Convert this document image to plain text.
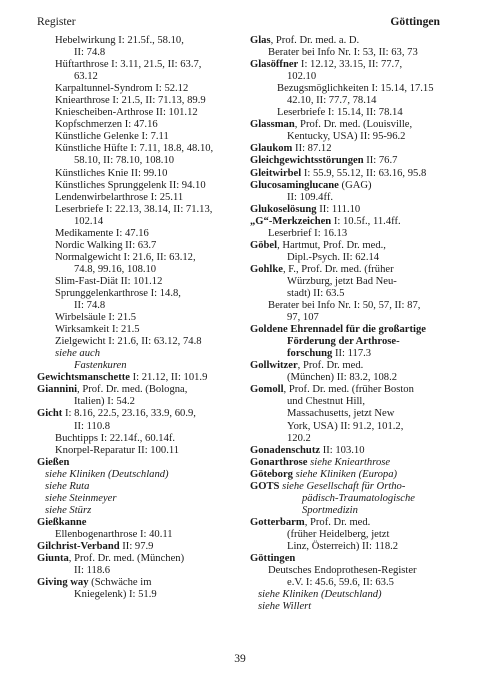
Register	Göttingen
Hebelwirkung I: 21.5f., 58.10,
II: 74.8
Hüftarthrose I: 3.11, 21.5, II: 63.7,
63.12
Karpaltunnel-Syndrom I: 52.12
Kniearthrose I: 21.5, II: 71.13, 89.9
Kniescheiben-Arthrose II: 101.12
Kopfschmerzen I: 47.16
Künstliche Gelenke I: 7.11
Künstliche Hüfte I: 7.11, 18.8, 48.10,
58.10, II: 78.10, 108.10
Künstliches Knie II: 99.10
Künstliches Sprunggelenk II: 94.10
Lendenwirbelarthrose I: 25.11
Leserbriefe I: 22.13, 38.14, II: 71.13,
102.14
Medikamente I: 47.16
Nordic Walking II: 63.7
Normalgewicht I: 21.6, II: 63.12,
74.8, 99.16, 108.10
Slim-Fast-Diät II: 101.12
Sprunggelenkarthrose I: 14.8,
II: 74.8
Wirbelsäule I: 21.5
Wirksamkeit I: 21.5
Zielgewicht I: 21.6, II: 63.12, 74.8
siehe auch
Fastenkuren
Gewichtsmanschette I: 21.12, II: 101.9
Giannini, Prof. Dr. med. (Bologna,
Italien) I: 54.2
Gicht I: 8.16, 22.5, 23.16, 33.9, 60.9,
II: 110.8
Buchtipps I: 22.14f., 60.14f.
Knorpel-Reparatur II: 100.11
Gießen
siehe Kliniken (Deutschland)
siehe Ruta
siehe Steinmeyer
siehe Stürz
Gießkanne
Ellenbogenarthrose I: 40.11
Gilchrist-Verband II: 97.9
Giunta, Prof. Dr. med. (München)
II: 118.6
Giving way (Schwäche im
Kniegelenk) I: 51.9
Glas, Prof. Dr. med. a. D.
Berater bei Info Nr. I: 53, II: 63, 73
Glasöffner I: 12.12, 33.15, II: 77.7,
102.10
Bezugsmöglichkeiten I: 15.14, 17.15
42.10, II: 77.7, 78.14
Leserbriefe I: 15.14, II: 78.14
Glassman, Prof. Dr. med. (Louisville,
Kentucky, USA) II: 95-96.2
Glaukom II: 87.12
Gleichgewichtsstörungen II: 76.7
Gleitwirbel I: 55.9, 55.12, II: 63.16, 95.8
Glucosaminglucane (GAG)
II: 109.4ff.
Glukoselösung II: 111.10
„G“-Merkzeichen I: 10.5f., 11.4ff.
Leserbrief I: 16.13
Göbel, Hartmut, Prof. Dr. med.,
Dipl.-Psych. II: 62.14
Gohlke, F., Prof. Dr. med. (früher
Würzburg, jetzt Bad Neu-
stadt) II: 63.5
Berater bei Info Nr. I: 50, 57, II: 87,
97, 107
Goldene Ehrennadel für die großartige
Förderung der Arthrose-
forschung II: 117.3
Gollwitzer, Prof. Dr. med.
(München) II: 83.2, 108.2
Gomoll, Prof. Dr. med. (früher Boston
und Chestnut Hill,
Massachusetts, jetzt New
York, USA) II: 91.2, 101.2,
120.2
Gonadenschutz II: 103.10
Gonarthrose siehe Kniearthrose
Göteborg siehe Kliniken (Europa)
GOTS siehe Gesellschaft für Ortho-
pädisch-Traumatologische
Sportmedizin
Gotterbarm, Prof. Dr. med.
(früher Heidelberg, jetzt
Linz, Österreich) II: 118.2
Göttingen
Deutsches Endoprothesen-Register
e.V. I: 45.6, 59.6, II: 63.5
siehe Kliniken (Deutschland)
siehe Willert
39
